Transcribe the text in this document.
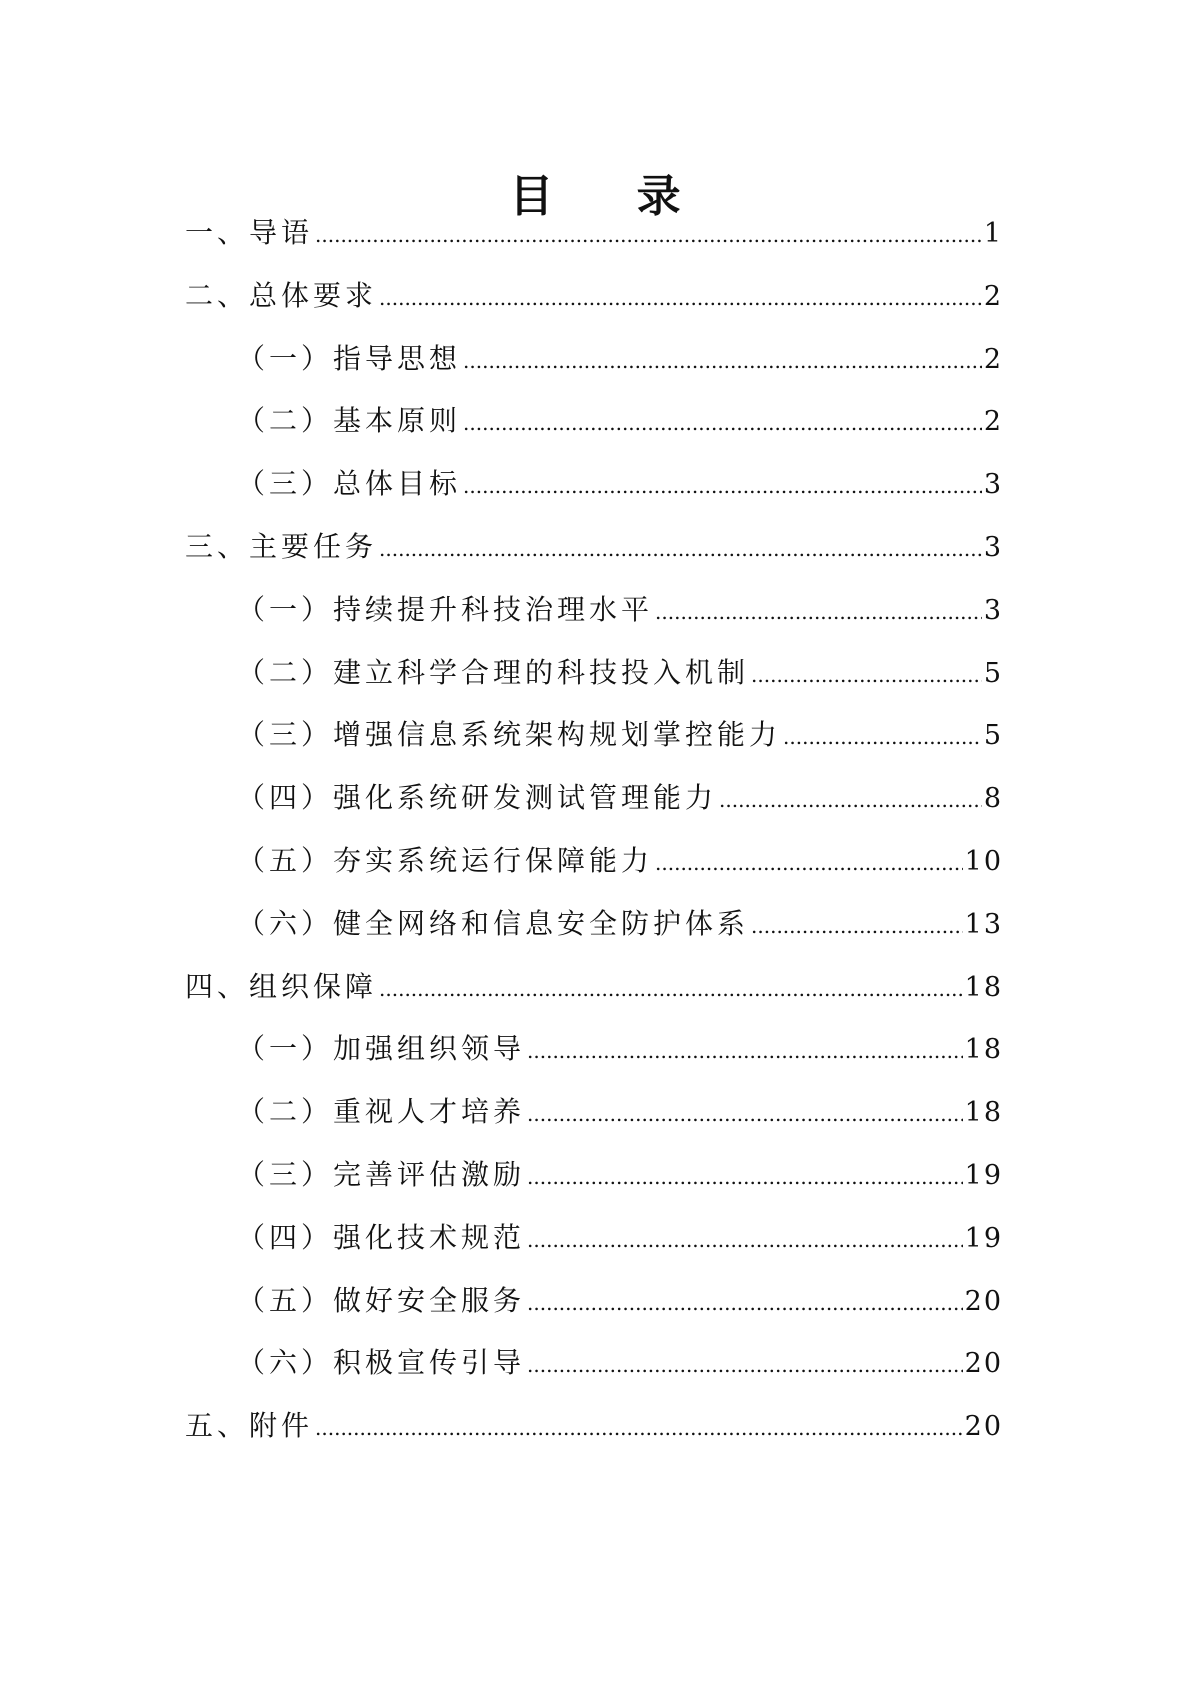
目 录
一、导语 .....	1
二、总体要求 .....	2
（一）指导思想 .....	2
（二）基本原则 .....	2
（三）总体目标 .....	3
三、主要任务 .....	3
（一）持续提升科技治理水平 .....	3
（二）建立科学合理的科技投入机制 .....	5
（三）增强信息系统架构规划掌控能力 .....	5
（四）强化系统研发测试管理能力 .....	8
（五）夯实系统运行保障能力 .....	10
（六）健全网络和信息安全防护体系 .....	13
四、组织保障 .....	18
（一）加强组织领导 .....	18
（二）重视人才培养 .....	18
（三）完善评估激励 .....	19
（四）强化技术规范 .....	19
（五）做好安全服务 .....	20
（六）积极宣传引导 .....	20
五、附件 .....	20
